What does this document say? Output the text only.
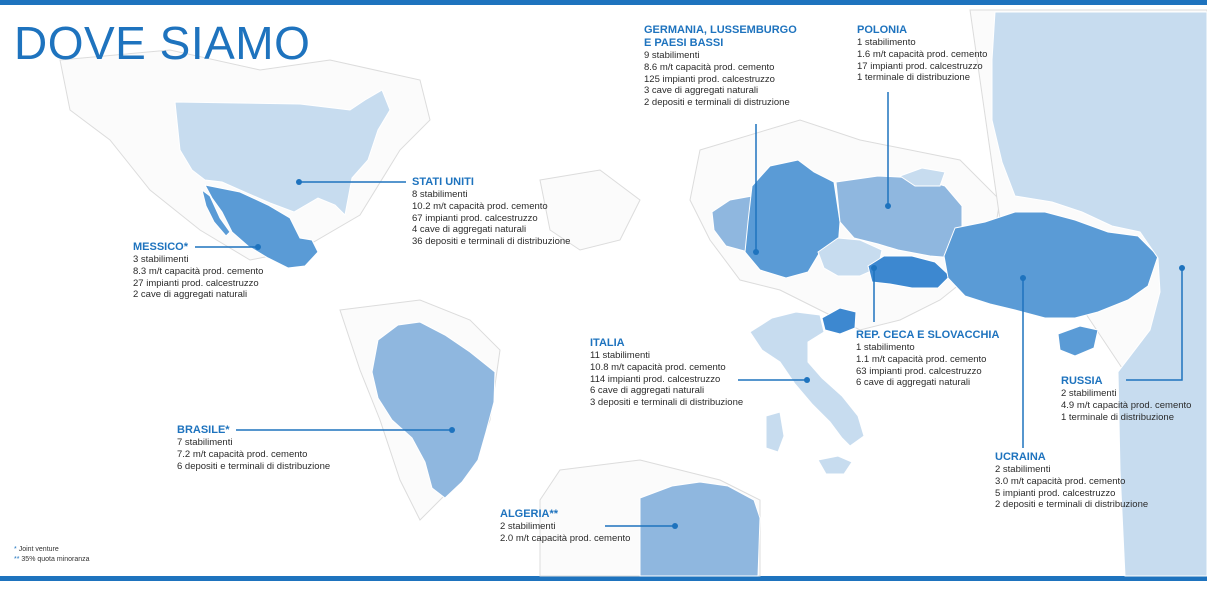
DOVE SIAMO
STATI UNITI
8 stabilimenti
10.2 m/t capacità prod. cemento
67 impianti prod. calcestruzzo
4 cave di aggregati naturali
36 depositi e terminali di distribuzione
MESSICO*
3 stabilimenti
8.3 m/t capacità prod. cemento
27 impianti prod. calcestruzzo
2 cave di aggregati naturali
BRASILE*
7 stabilimenti
7.2 m/t capacità prod. cemento
6 depositi e terminali di distribuzione
ALGERIA**
2 stabilimenti
2.0 m/t capacità prod. cemento
ITALIA
11 stabilimenti
10.8 m/t capacità prod. cemento
114 impianti prod. calcestruzzo
6 cave di aggregati naturali
3 depositi e terminali di distribuzione
GERMANIA, LUSSEMBURGO
E PAESI BASSI
9 stabilimenti
8.6 m/t capacità prod. cemento
125 impianti prod. calcestruzzo
3 cave di aggregati naturali
2 depositi e terminali di distruzione
POLONIA
1 stabilimento
1.6 m/t capacità prod. cemento
17 impianti prod. calcestruzzo
1 terminale di distribuzione
REP. CECA E SLOVACCHIA
1 stabilimento
1.1 m/t capacità prod. cemento
63 impianti prod. calcestruzzo
6 cave di aggregati naturali	RUSSIA
2 stabilimenti
4.9 m/t capacità prod. cemento
1 terminale di distribuzione
UCRAINA
2 stabilimenti
3.0 m/t capacità prod. cemento
5 impianti prod. calcestruzzo
2 depositi e terminali di distribuzione
* Joint venture
** 35% quota minoranza
